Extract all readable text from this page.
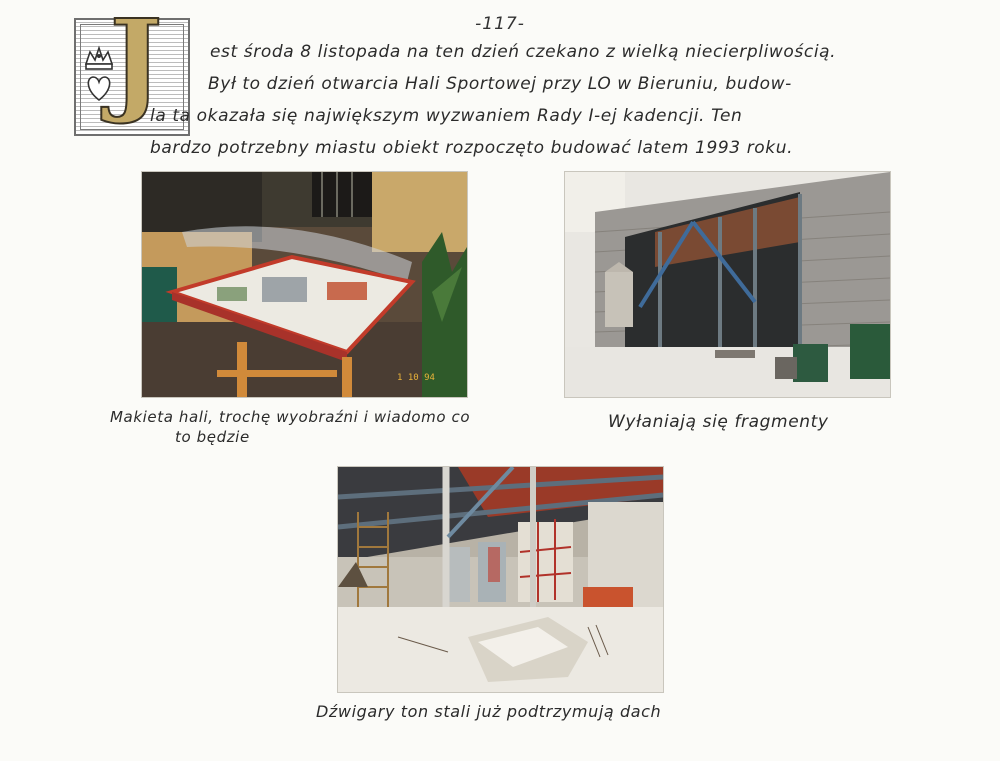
-117-
J	est środa 8 listopada na ten dzień czekano z wielką niecierpliwością.
Był to dzień otwarcia Hali Sportowej przy LO w Bieruniu, budow-
la ta okazała się największym wyzwaniem Rady I-ej kadencji. Ten
bardzo potrzebny miastu obiekt rozpoczęto budować latem 1993 roku.
1 10 94
Makieta hali, trochę wyobraźni i wiadomo co
to będzie
Wyłaniają się fragmenty
Dźwigary ton stali już podtrzymują dach
